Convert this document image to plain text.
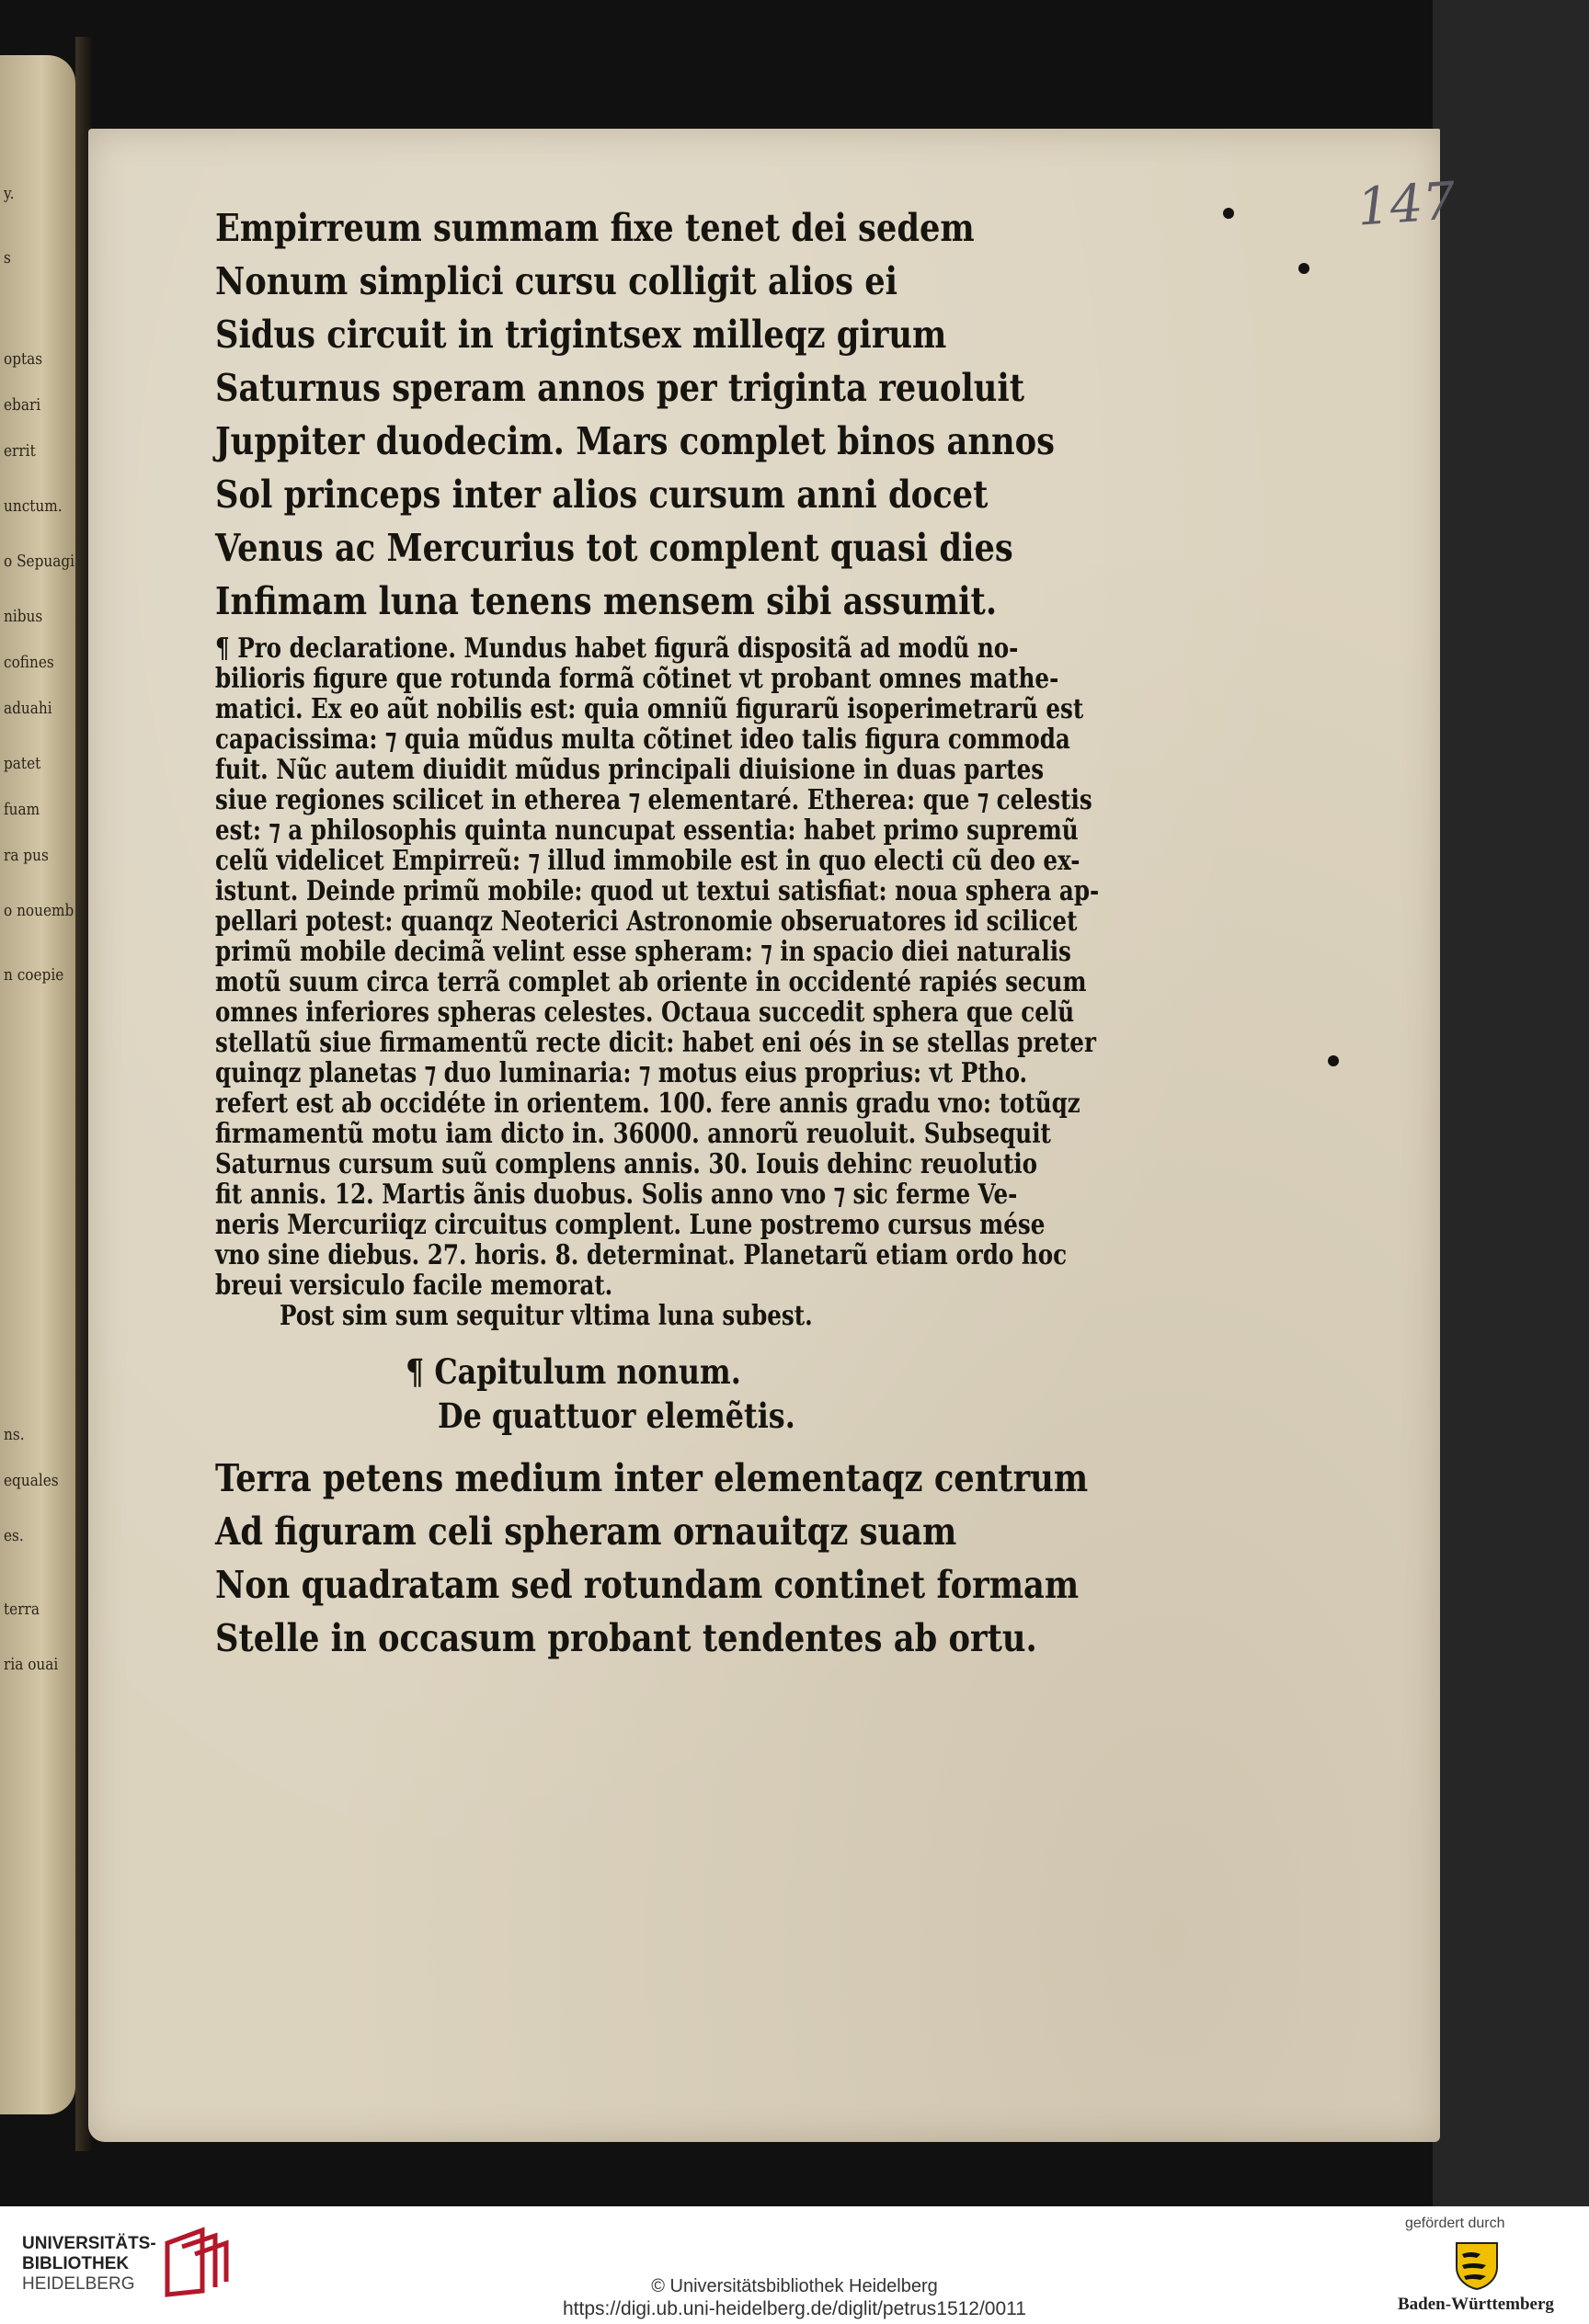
y.
s
optas
ebari
errit
unctum.
o Sepuagi
nibus
cofines
aduahi
patet
fuam
ra pus
o nouemb
n coepie
ns.
equales
es.
terra
ria ouai
147
Empirreum summam fixe tenet dei sedem
Nonum simplici cursu colligit alios ei
Sidus circuit in trigintsex milleqz girum
Saturnus speram annos per triginta reuoluit
Juppiter duodecim. Mars complet binos annos
Sol princeps inter alios cursum anni docet
Venus ac Mercurius tot complent quasi dies
Infimam luna tenens mensem sibi assumit.
¶ Pro declaratione. Mundus habet figurã dispositã ad modũ no-
bilioris figure que rotunda formã cõtinet vt probant omnes mathe-
matici. Ex eo aũt nobilis est: quia omniũ figurarũ isoperimetrarũ est
capacissima: ⁊ quia mũdus multa cõtinet ideo talis figura commoda
fuit. Nũc autem diuidit mũdus principali diuisione in duas partes
siue regiones scilicet in etherea ⁊ elementaré. Etherea: que ⁊ celestis
est: ⁊ a philosophis quinta nuncupat essentia: habet primo supremũ
celũ videlicet Empirreũ: ⁊ illud immobile est in quo electi cũ deo ex-
istunt. Deinde primũ mobile: quod ut textui satisfiat: noua sphera ap-
pellari potest: quanqz Neoterici Astronomie obseruatores id scilicet
primũ mobile decimã velint esse spheram: ⁊ in spacio diei naturalis
motũ suum circa terrã complet ab oriente in occidenté rapiés secum
omnes inferiores spheras celestes. Octaua succedit sphera que celũ
stellatũ siue firmamentũ recte dicit: habet eni oés in se stellas preter
quinqz planetas ⁊ duo luminaria: ⁊ motus eius proprius: vt Ptho.
refert est ab occidéte in orientem. 100. fere annis gradu vno: totũqz
firmamentũ motu iam dicto in. 36000. annorũ reuoluit. Subsequit
Saturnus cursum suũ complens annis. 30. Iouis dehinc reuolutio
fit annis. 12. Martis ãnis duobus. Solis anno vno ⁊ sic ferme Ve-
neris Mercuriiqz circuitus complent. Lune postremo cursus mése
vno sine diebus. 27. horis. 8. determinat. Planetarũ etiam ordo hoc
breui versiculo facile memorat.
Post sim sum sequitur vltima luna subest.
¶ Capitulum nonum.
De quattuor elemẽtis.
Terra petens medium inter elementaqz centrum
Ad figuram celi spheram ornauitqz suam
Non quadratam sed rotundam continet formam
Stelle in occasum probant tendentes ab ortu.
UNIVERSITÄTS-
BIBLIOTHEK
HEIDELBERG	© Universitätsbibliothek Heidelberg
https://digi.ub.uni-heidelberg.de/diglit/petrus1512/0011
gefördert durch
Baden-Württemberg
